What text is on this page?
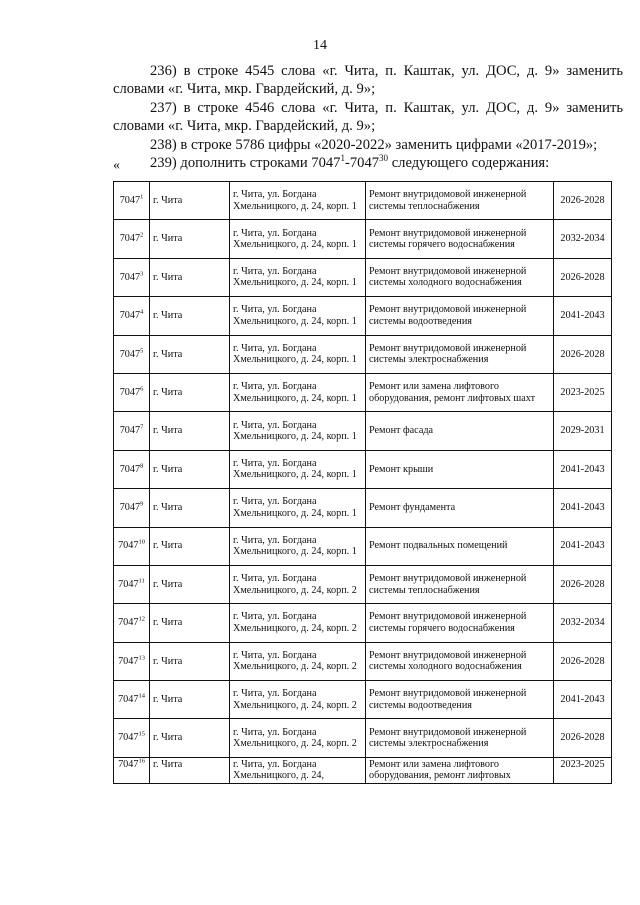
14

236) в строке 4545 слова «г. Чита, п. Каштак, ул. ДОС, д. 9» заменить словами «г. Чита, мкр. Гвардейский, д. 9»;

237) в строке 4546 слова «г. Чита, п. Каштак, ул. ДОС, д. 9» заменить словами «г. Чита, мкр. Гвардейский, д. 9»;

238) в строке 5786 цифры «2020-2022» заменить цифрами «2017-2019»;

239) дополнить строками 7047$^1$-7047$^{30}$ следующего содержания:

«
7047$^1$	г. Чита	г. Чита, ул. Богдана Хмельницкого, д. 24, корп. 1	Ремонт внутридомовой инженерной системы теплоснабжения	2026-2028
7047$^2$	г. Чита	г. Чита, ул. Богдана Хмельницкого, д. 24, корп. 1	Ремонт внутридомовой инженерной системы горячего водоснабжения	2032-2034
7047$^3$	г. Чита	г. Чита, ул. Богдана Хмельницкого, д. 24, корп. 1	Ремонт внутридомовой инженерной системы холодного водоснабжения	2026-2028
7047$^4$	г. Чита	г. Чита, ул. Богдана Хмельницкого, д. 24, корп. 1	Ремонт внутридомовой инженерной системы водоотведения	2041-2043
7047$^5$	г. Чита	г. Чита, ул. Богдана Хмельницкого, д. 24, корп. 1	Ремонт внутридомовой инженерной системы электроснабжения	2026-2028
7047$^6$	г. Чита	г. Чита, ул. Богдана Хмельницкого, д. 24, корп. 1	Ремонт или замена лифтового оборудования, ремонт лифтовых шахт	2023-2025
7047$^7$	г. Чита	г. Чита, ул. Богдана Хмельницкого, д. 24, корп. 1	Ремонт фасада	2029-2031
7047$^8$	г. Чита	г. Чита, ул. Богдана Хмельницкого, д. 24, корп. 1	Ремонт крыши	2041-2043
7047$^9$	г. Чита	г. Чита, ул. Богдана Хмельницкого, д. 24, корп. 1	Ремонт фундамента	2041-2043
7047$^{10}$	г. Чита	г. Чита, ул. Богдана Хмельницкого, д. 24, корп. 1	Ремонт подвальных помещений	2041-2043
7047$^{11}$	г. Чита	г. Чита, ул. Богдана Хмельницкого, д. 24, корп. 2	Ремонт внутридомовой инженерной системы теплоснабжения	2026-2028
7047$^{12}$	г. Чита	г. Чита, ул. Богдана Хмельницкого, д. 24, корп. 2	Ремонт внутридомовой инженерной системы горячего водоснабжения	2032-2034
7047$^{13}$	г. Чита	г. Чита, ул. Богдана Хмельницкого, д. 24, корп. 2	Ремонт внутридомовой инженерной системы холодного водоснабжения	2026-2028
7047$^{14}$	г. Чита	г. Чита, ул. Богдана Хмельницкого, д. 24, корп. 2	Ремонт внутридомовой инженерной системы водоотведения	2041-2043
7047$^{15}$	г. Чита	г. Чита, ул. Богдана Хмельницкого, д. 24, корп. 2	Ремонт внутридомовой инженерной системы электроснабжения	2026-2028
7047$^{16}$	г. Чита	г. Чита, ул. Богдана Хмельницкого, д. 24,	Ремонт или замена лифтового оборудования, ремонт лифтовых	2023-2025
